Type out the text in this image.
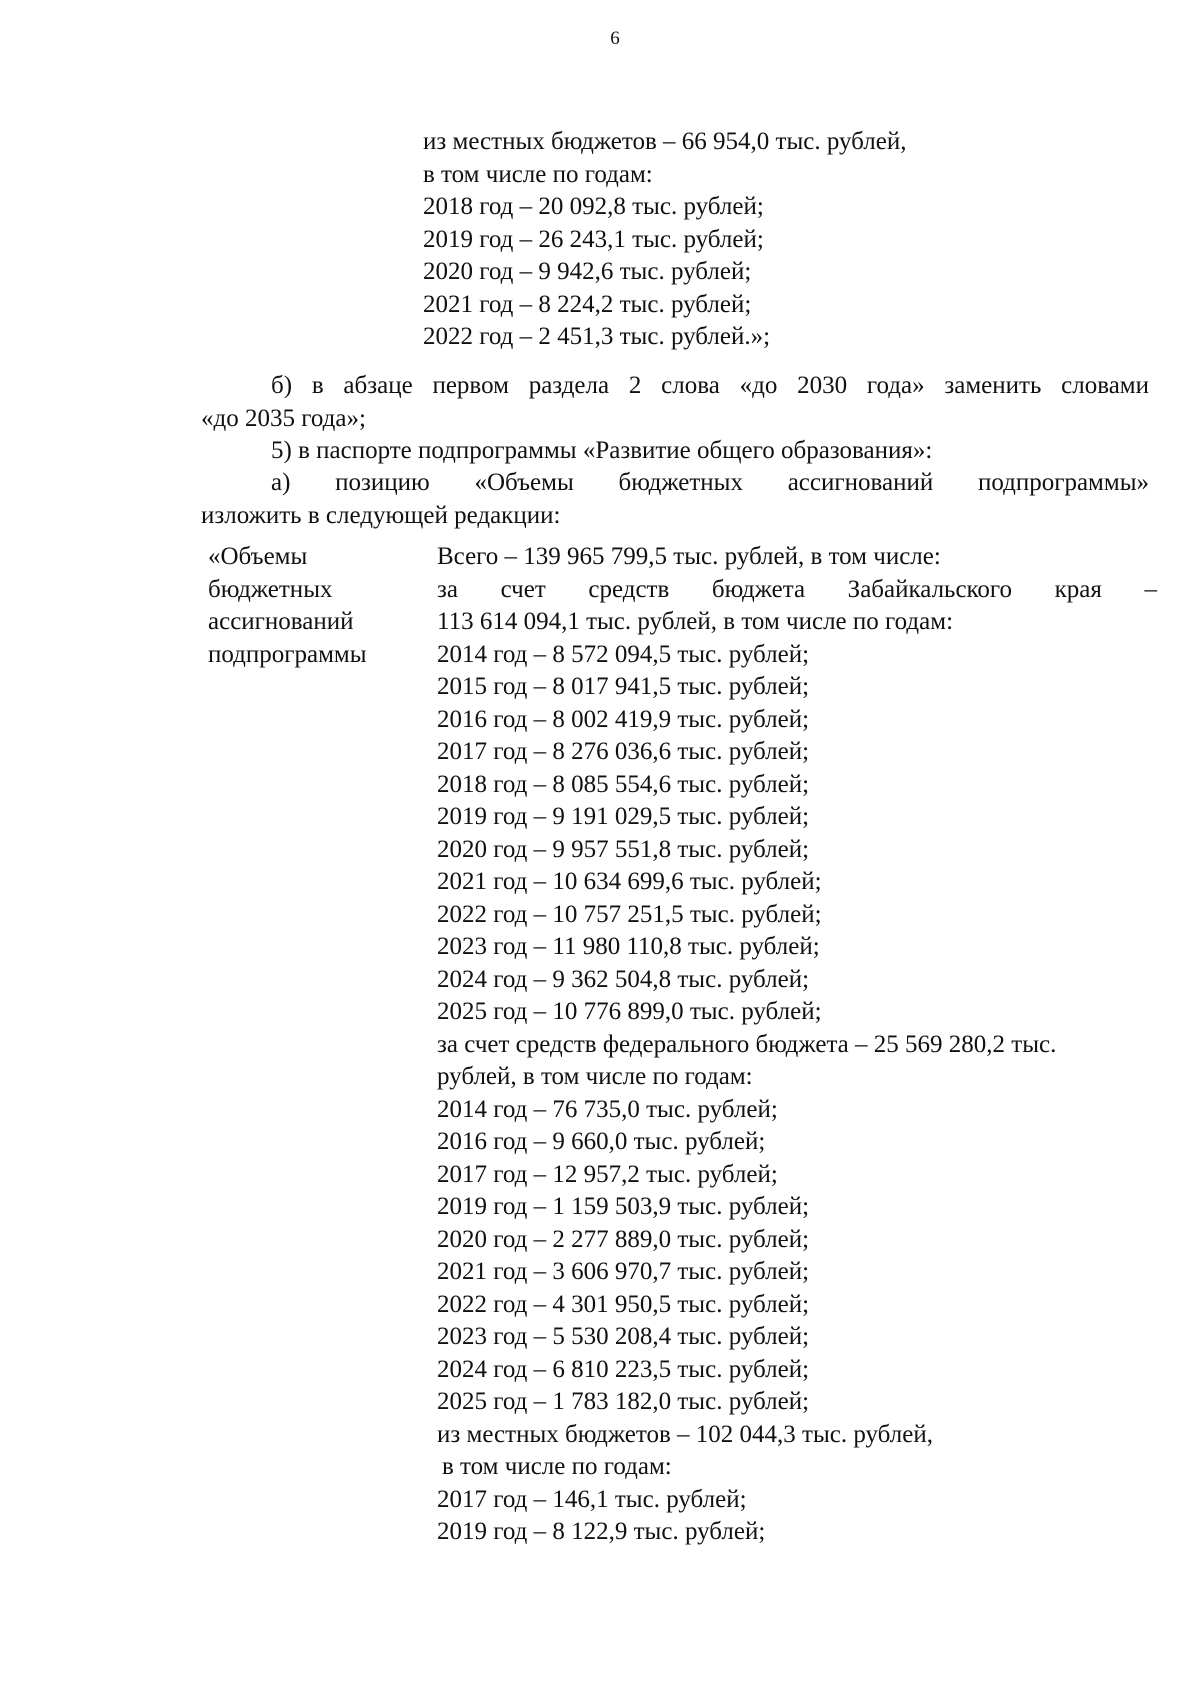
6
из местных бюджетов – 66 954,0 тыс. рублей,
в том числе по годам:
2018 год – 20 092,8 тыс. рублей;
2019 год – 26 243,1 тыс. рублей;
2020 год – 9 942,6 тыс. рублей;
2021 год – 8 224,2 тыс. рублей;
2022 год – 2 451,3 тыс. рублей.»;
б) в абзаце первом раздела 2 слова «до 2030 года» заменить словами
«до 2035 года»;
5) в паспорте подпрограммы «Развитие общего образования»:
а) позицию «Объемы бюджетных ассигнований подпрограммы»
изложить в следующей редакции:
«Объемы
бюджетных
ассигнований
подпрограммы
Всего – 139 965 799,5 тыс. рублей, в том числе:
за счет средств бюджета Забайкальского края –
113 614 094,1 тыс. рублей, в том числе по годам:
2014 год – 8 572 094,5 тыс. рублей;
2015 год – 8 017 941,5 тыс. рублей;
2016 год – 8 002 419,9 тыс. рублей;
2017 год – 8 276 036,6 тыс. рублей;
2018 год – 8 085 554,6 тыс. рублей;
2019 год – 9 191 029,5 тыс. рублей;
2020 год – 9 957 551,8 тыс. рублей;
2021 год – 10 634 699,6 тыс. рублей;
2022 год – 10 757 251,5 тыс. рублей;
2023 год – 11 980 110,8 тыс. рублей;
2024 год – 9 362 504,8 тыс. рублей;
2025 год – 10 776 899,0 тыс. рублей;
за счет средств федерального бюджета – 25 569 280,2 тыс.
рублей, в том числе по годам:
2014 год – 76 735,0 тыс. рублей;
2016 год – 9 660,0 тыс. рублей;
2017 год – 12 957,2 тыс. рублей;
2019 год – 1 159 503,9 тыс. рублей;
2020 год – 2 277 889,0 тыс. рублей;
2021 год – 3 606 970,7 тыс. рублей;
2022 год – 4 301 950,5 тыс. рублей;
2023 год – 5 530 208,4 тыс. рублей;
2024 год – 6 810 223,5 тыс. рублей;
2025 год – 1 783 182,0 тыс. рублей;
из местных бюджетов – 102 044,3 тыс. рублей,
в том числе по годам:
2017 год – 146,1 тыс. рублей;
2019 год – 8 122,9 тыс. рублей;
